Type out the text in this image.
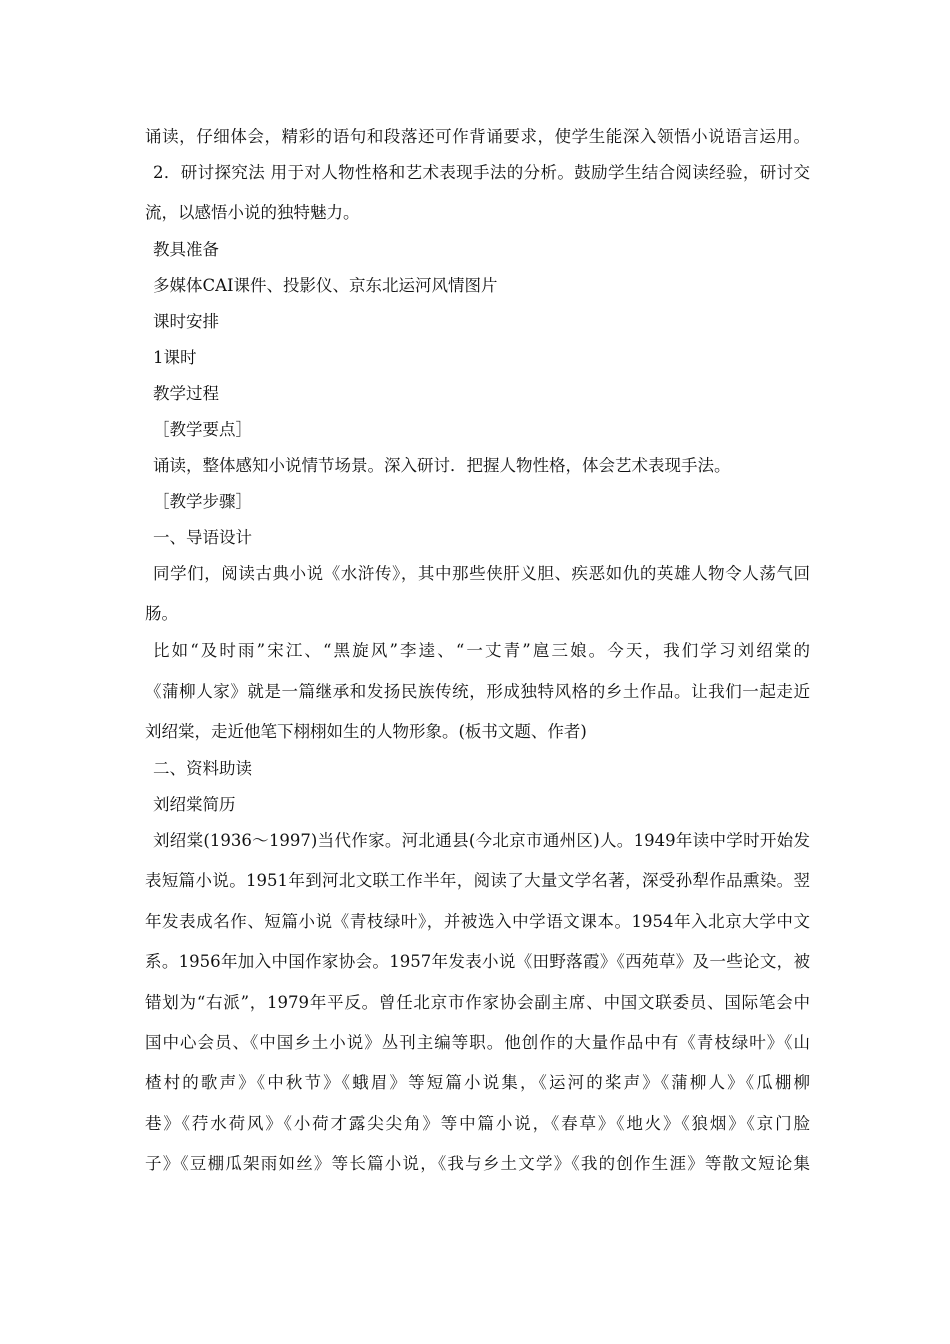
诵读，仔细体会，精彩的语句和段落还可作背诵要求，使学生能深入领悟小说语言运用。
2．研讨探究法 用于对人物性格和艺术表现手法的分析。鼓励学生结合阅读经验，研讨交
流，以感悟小说的独特魅力。
教具准备
多媒体CAI课件、投影仪、京东北运河风情图片
课时安排
1课时
教学过程
［教学要点］
诵读，整体感知小说情节场景。深入研讨．把握人物性格，体会艺术表现手法。
［教学步骤］
一、导语设计
同学们，阅读古典小说《水浒传》，其中那些侠肝义胆、疾恶如仇的英雄人物令人荡气回
肠。
比如“及时雨”宋江、“黑旋风”李逵、“一丈青”扈三娘。今天，我们学习刘绍棠的
《蒲柳人家》就是一篇继承和发扬民族传统，形成独特风格的乡土作品。让我们一起走近
刘绍棠，走近他笔下栩栩如生的人物形象。(板书文题、作者)
二、资料助读
刘绍棠简历
刘绍棠(1936～1997)当代作家。河北通县(今北京市通州区)人。1949年读中学时开始发
表短篇小说。1951年到河北文联工作半年，阅读了大量文学名著，深受孙犁作品熏染。翌
年发表成名作、短篇小说《青枝绿叶》，并被选入中学语文课本。1954年入北京大学中文
系。1956年加入中国作家协会。1957年发表小说《田野落霞》《西苑草》及一些论文，被
错划为“右派”，1979年平反。曾任北京市作家协会副主席、中国文联委员、国际笔会中
国中心会员、《中国乡土小说》丛刊主编等职。他创作的大量作品中有《青枝绿叶》《山
楂村的歌声》《中秋节》《蛾眉》等短篇小说集，《运河的桨声》《蒲柳人》《瓜棚柳
巷》《荇水荷风》《小荷才露尖尖角》等中篇小说，《春草》《地火》《狼烟》《京门脸
子》《豆棚瓜架雨如丝》等长篇小说，《我与乡土文学》《我的创作生涯》等散文短论集
